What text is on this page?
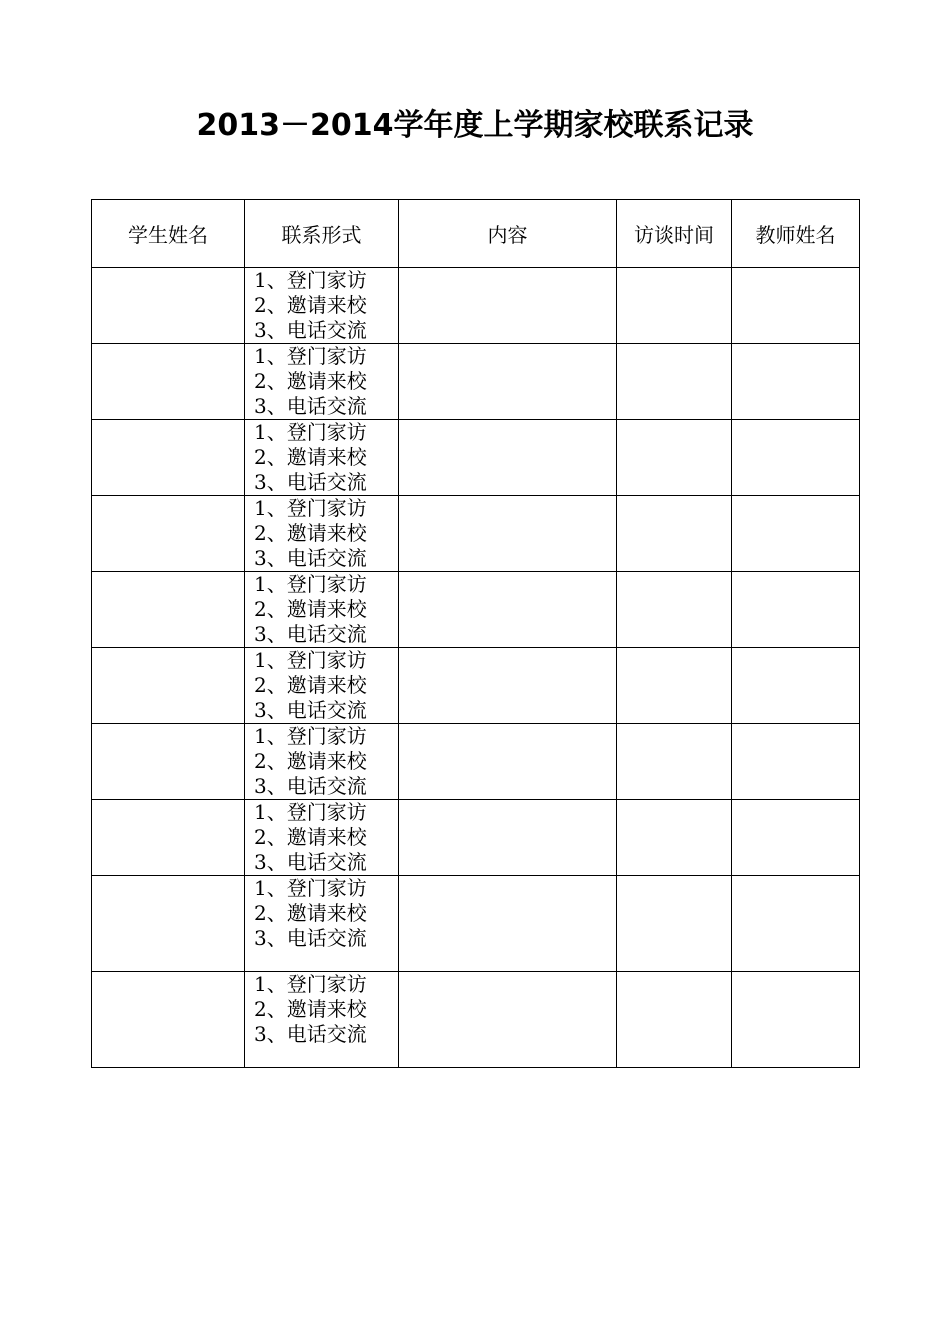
2013－2014学年度上学期家校联系记录
学生姓名	联系形式	内容	访谈时间	教师姓名

	1、登门家访
2、邀请来校
3、电话交流			

	1、登门家访
2、邀请来校
3、电话交流			

	1、登门家访
2、邀请来校
3、电话交流			

	1、登门家访
2、邀请来校
3、电话交流			

	1、登门家访
2、邀请来校
3、电话交流			

	1、登门家访
2、邀请来校
3、电话交流			

	1、登门家访
2、邀请来校
3、电话交流			

	1、登门家访
2、邀请来校
3、电话交流			

	1、登门家访
2、邀请来校
3、电话交流			

	1、登门家访
2、邀请来校
3、电话交流			
